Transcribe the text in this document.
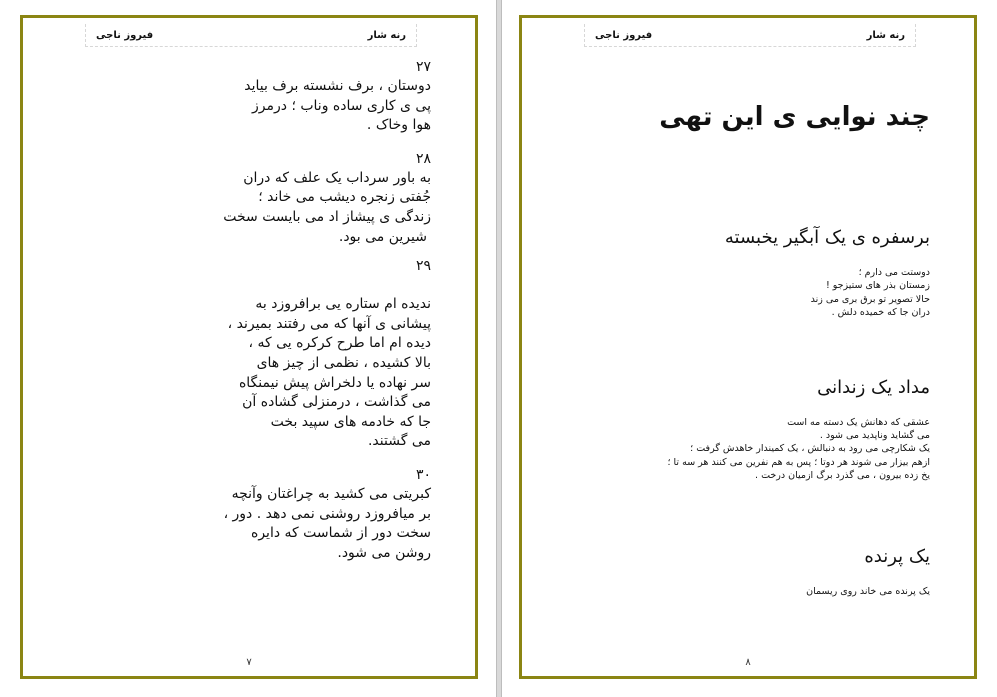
رنه شار
فیروز ناجی
۲۷
دوستان ، برف نشسته برف بیاید
پی ی کاری ساده وناب ؛ درمرز
هوا وخاک .
۲۸
به باور سرداب یک علف که دران
جُفتی زنجره دیشب می خاند ؛
زندگی ی پیشاز اد می بایست سخت
شیرین می بود.
۲۹
ندیده ام ستاره یی برافروزد به
پیشانی ی آنها که می رفتند بمیرند ،
دیده ام اما طرح کرکره یی که ،
بالا کشیده ، نظمی از چیز های
سر نهاده یا دلخراش پیش نیمنگاه
می گذاشت ، درمنزلی گشاده آن
جا که خادمه های سپید بخت
می گشتند.
۳۰
کبریتی می کشید به چراغتان وآنچه
بر میافروزد روشنی نمی دهد . دور ،
سخت دور از شماست که دایره
روشن می شود.
۷
رنه شار
فیروز ناجی
چند نوایی ی این تهی
برسفره ی یک آبگیر یخبسته
دوستت می دارم ؛
زمستان بذر های ستیزجو !
حالا تصویر تو برق بری می زند
دران جا که خمیده دلش .
مداد یک زندانی
عشقی که دهانش یک دسته مه است
می گشاید وناپدید می شود .
یک شکارچی می رود به دنبالش ، یک کمیندار خاهدش گرفت ؛
ازهم بیزار می شوند هر دوتا ؛ پس به هم نفرین می کنند هر سه تا ؛
یخ زده بیرون ، می گذرد برگ ازمیان درخت .
یک پرنده
یک پرنده می خاند روی ریسمان
۸
